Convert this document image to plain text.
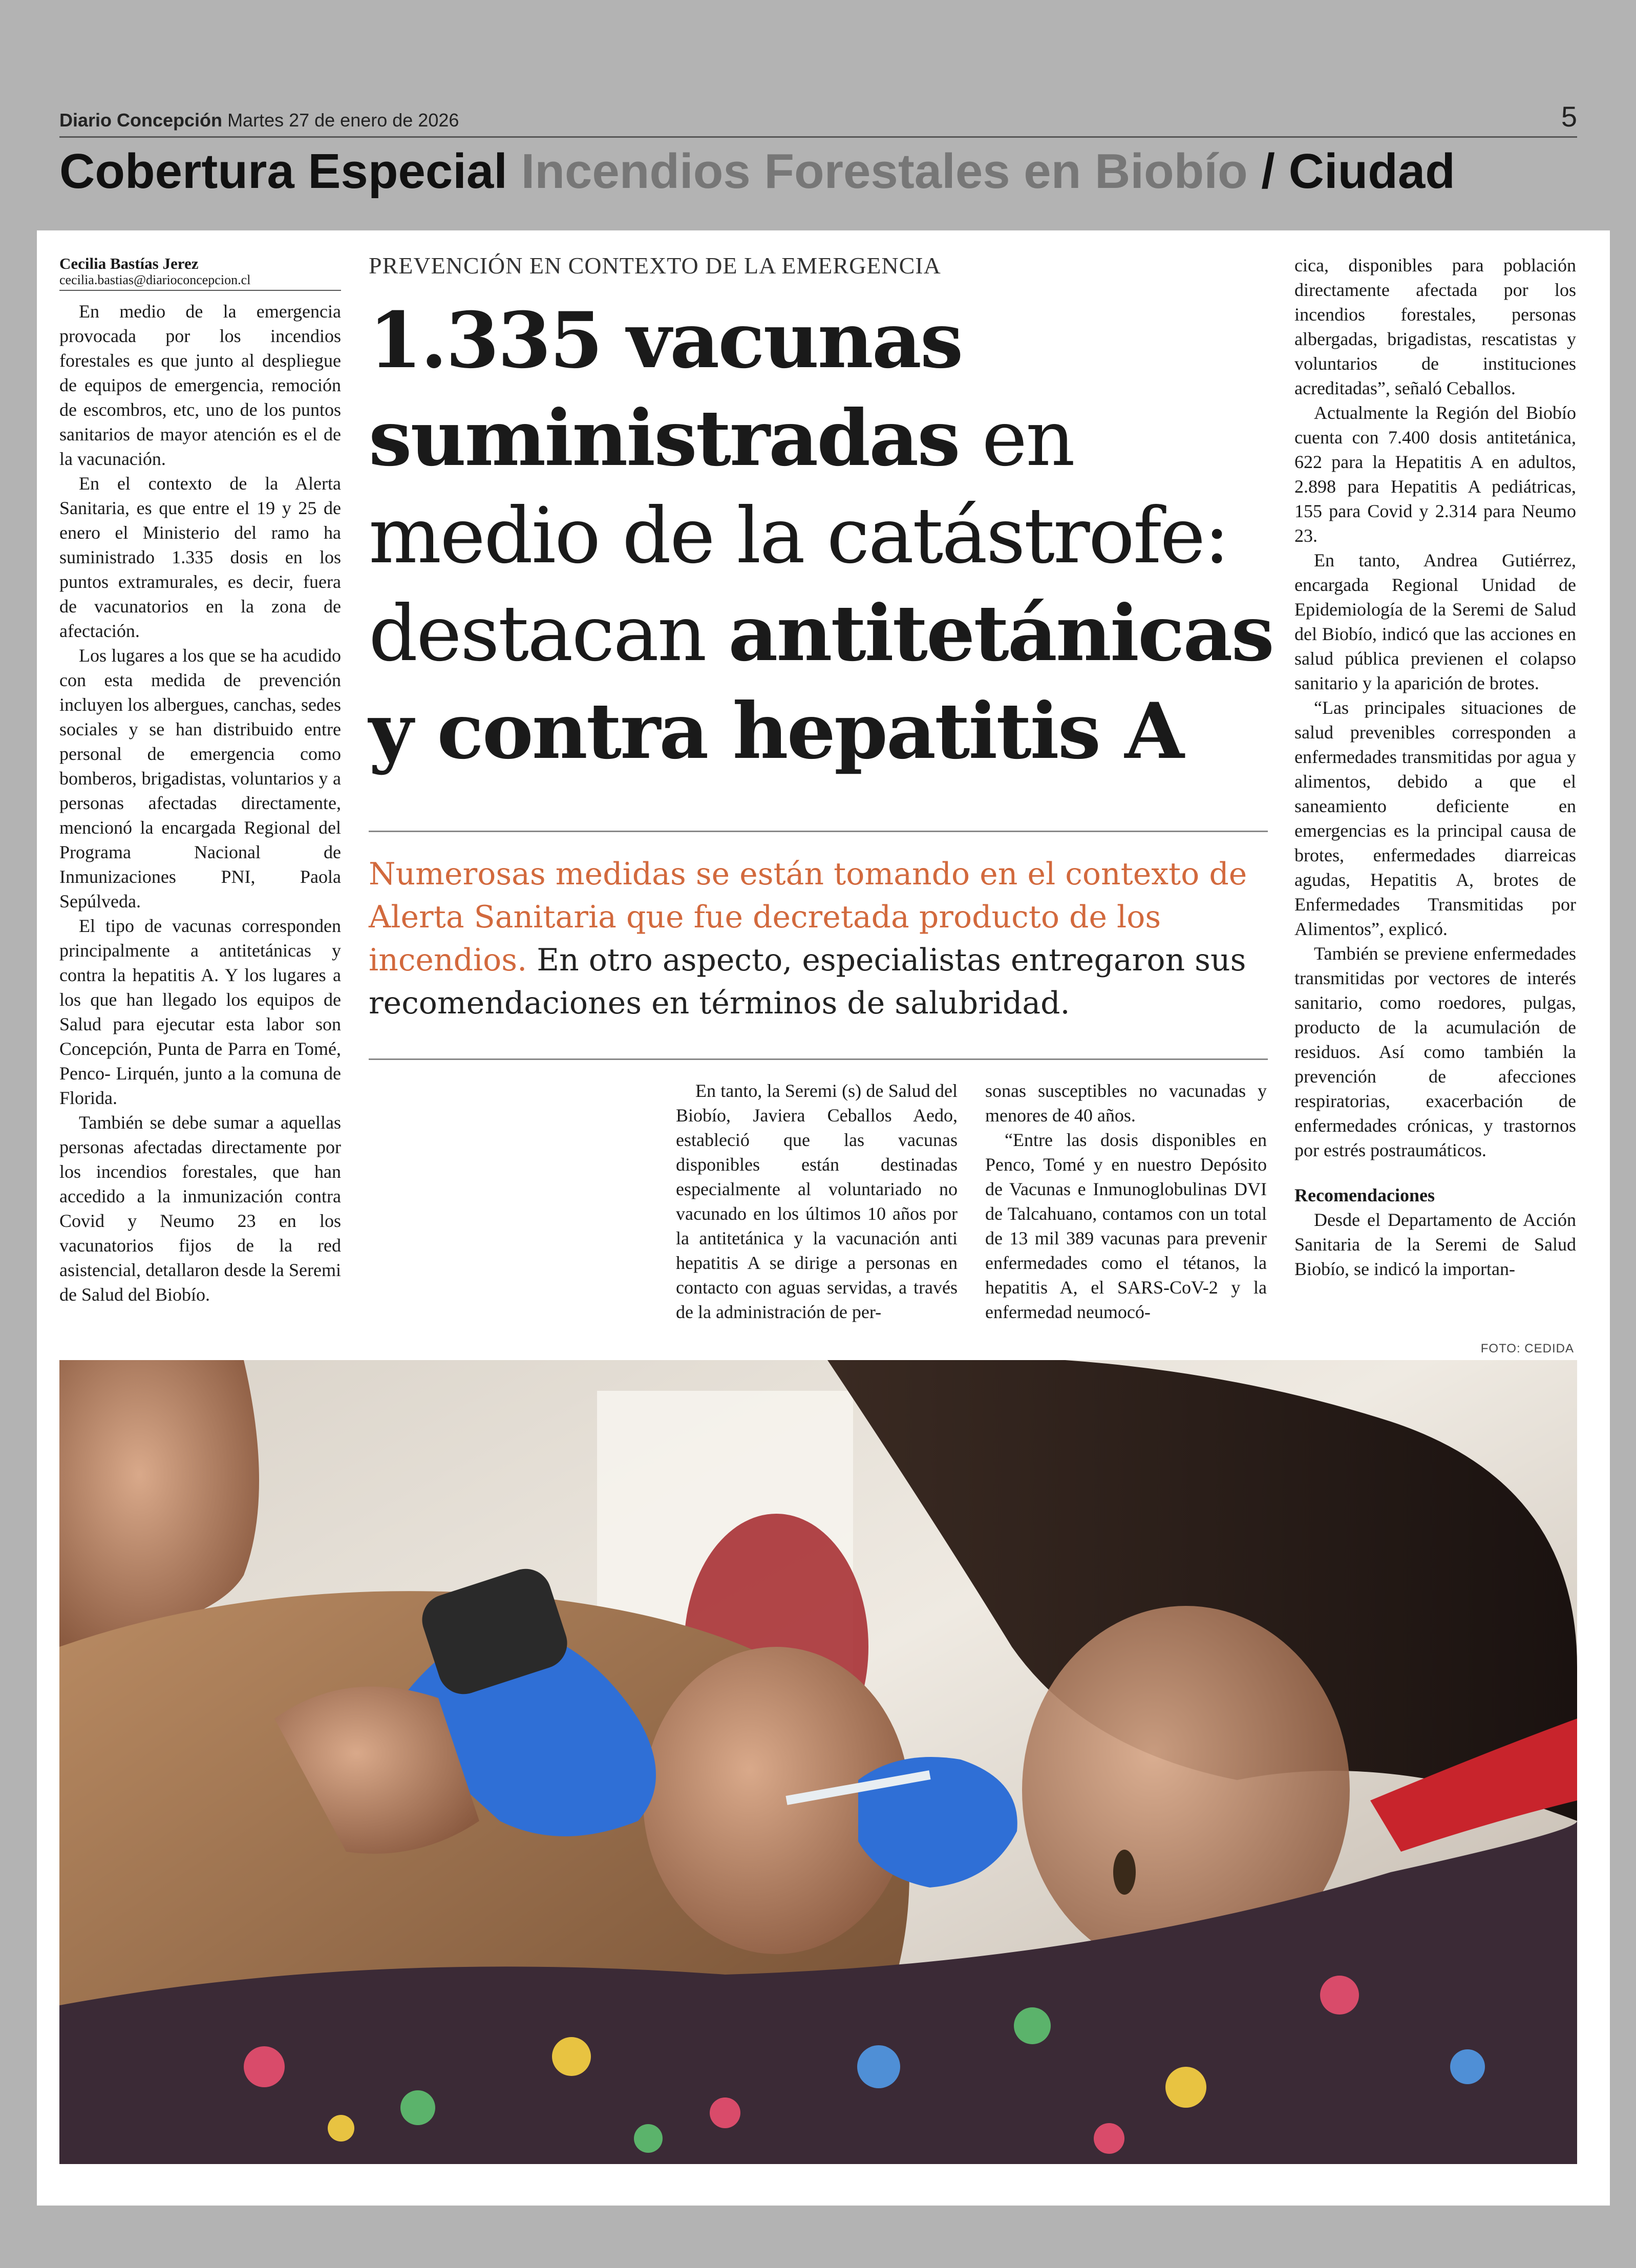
Diario Concepción Martes 27 de enero de 2026	5
Cobertura Especial Incendios Forestales en Biobío / Ciudad
Cecilia Bastías Jerez
cecilia.bastias@diarioconcepcion.cl

En medio de la emergencia provocada por los incendios forestales es que junto al despliegue de equipos de emergencia, remoción de escombros, etc, uno de los puntos sanitarios de mayor atención es el de la vacunación.

En el contexto de la Alerta Sanitaria, es que entre el 19 y 25 de enero el Ministerio del ramo ha suministrado 1.335 dosis en los puntos extramurales, es decir, fuera de vacunatorios en la zona de afectación.

Los lugares a los que se ha acudido con esta medida de prevención incluyen los albergues, canchas, sedes sociales y se han distribuido entre personal de emergencia como bomberos, brigadistas, voluntarios y a personas afectadas directamente, mencionó la encargada Regional del Programa Nacional de Inmunizaciones PNI, Paola Sepúlveda.

El tipo de vacunas corresponden principalmente a antitetánicas y contra la hepatitis A. Y los lugares a los que han llegado los equipos de Salud para ejecutar esta labor son Concepción, Punta de Parra en Tomé, Penco- Lirquén, junto a la comuna de Florida.

También se debe sumar a aquellas personas afectadas directamente por los incendios forestales, que han accedido a la inmunización contra Covid y Neumo 23 en los vacunatorios fijos de la red asistencial, detallaron desde la Seremi de Salud del Biobío.

PREVENCIÓN EN CONTEXTO DE LA EMERGENCIA
1.335 vacunas
suministradas en
medio de la catástrofe:
destacan antitetánicas
y contra hepatitis A
Numerosas medidas se están tomando en el contexto de Alerta Sanitaria que fue decretada producto de los incendios. En otro aspecto, especialistas entregaron sus recomendaciones en términos de salubridad.

En tanto, la Seremi (s) de Salud del Biobío, Javiera Ceballos Aedo, estableció que las vacunas disponibles están destinadas especialmente al voluntariado no vacunado en los últimos 10 años por la antitetánica y la vacunación anti hepatitis A se dirige a personas en contacto con aguas servidas, a través de la administración de per-

sonas susceptibles no vacunadas y menores de 40 años.

“Entre las dosis disponibles en Penco, Tomé y en nuestro Depósito de Vacunas e Inmunoglobulinas DVI de Talcahuano, contamos con un total de 13 mil 389 vacunas para prevenir enfermedades como el tétanos, la hepatitis A, el SARS-CoV-2 y la enfermedad neumocó-

cica, disponibles para población directamente afectada por los incendios forestales, personas albergadas, brigadistas, rescatistas y voluntarios de instituciones acreditadas”, señaló Ceballos.

Actualmente la Región del Biobío cuenta con 7.400 dosis antitetánica, 622 para la Hepatitis A en adultos, 2.898 para Hepatitis A pediátricas, 155 para Covid y 2.314 para Neumo 23.

En tanto, Andrea Gutiérrez, encargada Regional Unidad de Epidemiología de la Seremi de Salud del Biobío, indicó que las acciones en salud pública previenen el colapso sanitario y la aparición de brotes.

“Las principales situaciones de salud prevenibles corresponden a enfermedades transmitidas por agua y alimentos, debido a que el saneamiento deficiente en emergencias es la principal causa de brotes, enfermedades diarreicas agudas, Hepatitis A, brotes de Enfermedades Transmitidas por Alimentos”, explicó.

También se previene enfermedades transmitidas por vectores de interés sanitario, como roedores, pulgas, producto de la acumulación de residuos. Así como también la prevención de afecciones respiratorias, exacerbación de enfermedades crónicas, y trastornos por estrés postraumáticos.

Recomendaciones

Desde el Departamento de Acción Sanitaria de la Seremi de Salud Biobío, se indicó la importan-

FOTO: CEDIDA
